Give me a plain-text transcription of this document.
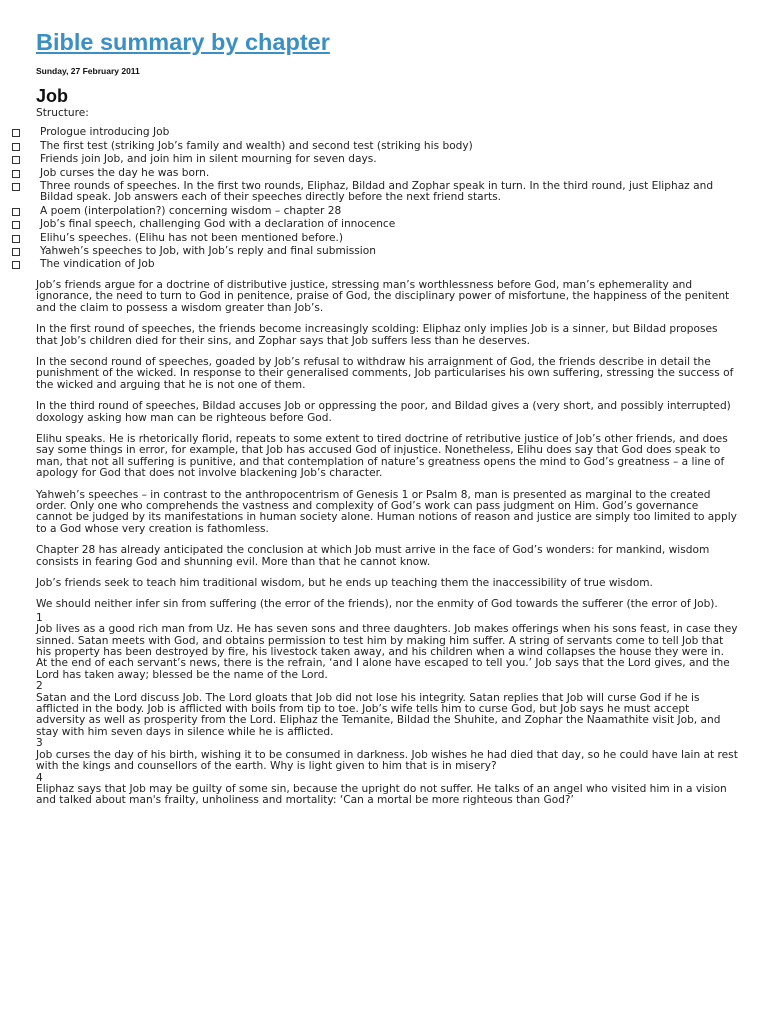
Bible summary by chapter
Sunday, 27 February 2011
Job

Structure:

Prologue introducing Job
The first test (striking Job’s family and wealth) and second test (striking his body)
Friends join Job, and join him in silent mourning for seven days.
Job curses the day he was born.
Three rounds of speeches. In the first two rounds, Eliphaz, Bildad and Zophar speak in turn. In the third round, just Eliphaz and Bildad speak. Job answers each of their speeches directly before the next friend starts.
A poem (interpolation?) concerning wisdom – chapter 28
Job’s final speech, challenging God with a declaration of innocence
Elihu’s speeches. (Elihu has not been mentioned before.)
Yahweh’s speeches to Job, with Job’s reply and final submission
The vindication of Job

Job’s friends argue for a doctrine of distributive justice, stressing man’s worthlessness before God, man’s ephemerality and ignorance, the need to turn to God in penitence, praise of God, the disciplinary power of misfortune, the happiness of the penitent and the claim to possess a wisdom greater than Job’s.

In the first round of speeches, the friends become increasingly scolding: Eliphaz only implies Job is a sinner, but Bildad proposes that Job’s children died for their sins, and Zophar says that Job suffers less than he deserves.

In the second round of speeches, goaded by Job’s refusal to withdraw his arraignment of God, the friends describe in detail the punishment of the wicked. In response to their generalised comments, Job particularises his own suffering, stressing the success of the wicked and arguing that he is not one of them.

In the third round of speeches, Bildad accuses Job or oppressing the poor, and Bildad gives a (very short, and possibly interrupted) doxology asking how man can be righteous before God.

Elihu speaks. He is rhetorically florid, repeats to some extent to tired doctrine of retributive justice of Job’s other friends, and does say some things in error, for example, that Job has accused God of injustice. Nonetheless, Elihu does say that God does speak to man, that not all suffering is punitive, and that contemplation of nature’s greatness opens the mind to God’s greatness – a line of apology for God that does not involve blackening Job’s character.

Yahweh’s speeches – in contrast to the anthropocentrism of Genesis 1 or Psalm 8, man is presented as marginal to the created order. Only one who comprehends the vastness and complexity of God’s work can pass judgment on Him. God’s governance cannot be judged by its manifestations in human society alone. Human notions of reason and justice are simply too limited to apply to a God whose very creation is fathomless.

Chapter 28 has already anticipated the conclusion at which Job must arrive in the face of God’s wonders: for mankind, wisdom consists in fearing God and shunning evil. More than that he cannot know.

Job’s friends seek to teach him traditional wisdom, but he ends up teaching them the inaccessibility of true wisdom.

We should neither infer sin from suffering (the error of the friends), nor the enmity of God towards the sufferer (the error of Job).

1

Job lives as a good rich man from Uz. He has seven sons and three daughters. Job makes offerings when his sons feast, in case they sinned. Satan meets with God, and obtains permission to test him by making him suffer. A string of servants come to tell Job that his property has been destroyed by fire, his livestock taken away, and his children when a wind collapses the house they were in. At the end of each servant’s news, there is the refrain, ‘and I alone have escaped to tell you.’ Job says that the Lord gives, and the Lord has taken away; blessed be the name of the Lord.

2

Satan and the Lord discuss Job. The Lord gloats that Job did not lose his integrity. Satan replies that Job will curse God if he is afflicted in the body. Job is afflicted with boils from tip to toe. Job’s wife tells him to curse God, but Job says he must accept adversity as well as prosperity from the Lord. Eliphaz the Temanite, Bildad the Shuhite, and Zophar the Naamathite visit Job, and stay with him seven days in silence while he is afflicted.

3

Job curses the day of his birth, wishing it to be consumed in darkness. Job wishes he had died that day, so he could have lain at rest with the kings and counsellors of the earth. Why is light given to him that is in misery?

4

Eliphaz says that Job may be guilty of some sin, because the upright do not suffer. He talks of an angel who visited him in a vision and talked about man's frailty, unholiness and mortality: ‘Can a mortal be more righteous than God?’
